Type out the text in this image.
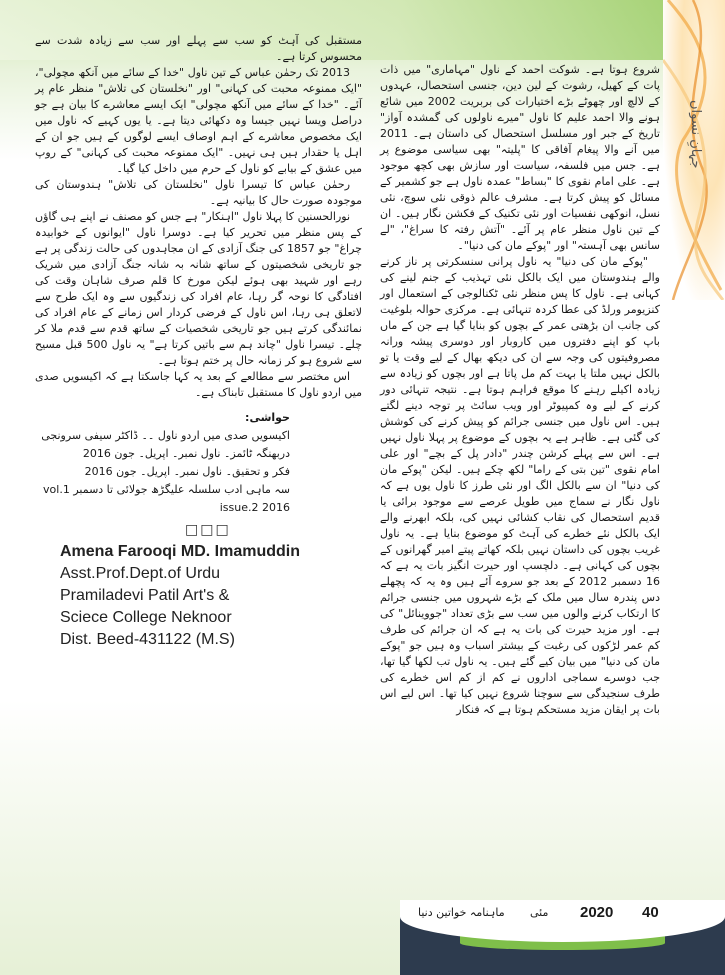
جہانِ نسواں

شروع ہوتا ہے۔ شوکت احمد کے ناول "مہاماری" میں ذات پات کے کھیل، رشوت کے لین دین، جنسی استحصال، عہدوں کے لالچ اور چھوٹے بڑے اختیارات کی بربریت 2002 میں شائع ہونے والا احمد علیم کا ناول "میرے ناولوں کی گمشدہ آواز" تاریخ کے جبر اور مسلسل استحصال کی داستان ہے۔ 2011 میں آنے والا پیغام آفاقی کا "پلیتہ" بھی سیاسی موضوع پر ہے۔ جس میں فلسفہ، سیاست اور سازش بھی کچھ موجود ہے۔ علی امام نقوی کا "بساط" عمدہ ناول ہے جو کشمیر کے مسائل کو پیش کرتا ہے۔ مشرف عالم ذوقی نئی سوچ، نئی نسل، انوکھی نفسیات اور نئی تکنیک کے فکشن نگار ہیں۔ ان کے تین ناول منظر عام پر آئے۔ "آتش رفتہ کا سراغ"، "لے سانس بھی آہستہ" اور "پوکے مان کی دنیا"۔

"پوکے مان کی دنیا" یہ ناول پرانی سنسکرتی پر ناز کرنے والے ہندوستان میں ایک بالکل نئی تہذیب کے جنم لینے کی کہانی ہے۔ ناول کا پس منظر نئی ٹکنالوجی کے استعمال اور کنزیومر ورلڈ کی عطا کردہ تنہائی ہے۔ مرکزی حوالہ بلوغیت کی جانب ان بڑھتی عمر کے بچوں کو بنایا گیا ہے جن کے ماں باپ کو اپنے دفتروں میں کاروبار اور دوسری پیشہ ورانہ مصروفیتوں کی وجہ سے ان کی دیکھ بھال کے لیے وقت یا تو بالکل نہیں ملتا یا بہت کم مل پاتا ہے اور بچوں کو زیادہ سے زیادہ اکیلے رہنے کا موقع فراہم ہوتا ہے۔ نتیجہ تنہائی دور کرنے کے لیے وہ کمپیوٹر اور ویب سائٹ پر توجہ دینے لگتے ہیں۔ اس ناول میں جنسی جرائم کو پیش کرنے کی کوشش کی گئی ہے۔ ظاہر ہے یہ بچوں کے موضوع پر پہلا ناول نہیں ہے۔ اس سے پہلے کرشن چندر "دادر پل کے بچے" اور علی امام نقوی "تین بتی کے راما" لکھ چکے ہیں۔ لیکن "پوکے مان کی دنیا" ان سے بالکل الگ اور نئی طرز کا ناول یوں ہے کہ ناول نگار نے سماج میں طویل عرصے سے موجود برائی یا قدیم استحصال کی نقاب کشائی نہیں کی، بلکہ ابھرنے والے ایک بالکل نئے خطرے کی آہٹ کو موضوع بنایا ہے۔ یہ ناول غریب بچوں کی داستان نہیں بلکہ کھاتے پیتے امیر گھرانوں کے بچوں کی کہانی ہے۔ دلچسپ اور حیرت انگیز بات یہ ہے کہ 16 دسمبر 2012 کے بعد جو سروے آئے ہیں وہ یہ کہ پچھلے دس پندرہ سال میں ملک کے بڑے شہروں میں جنسی جرائم کا ارتکاب کرنے والوں میں سب سے بڑی تعداد "جووینائل" کی ہے۔ اور مزید حیرت کی بات یہ ہے کہ ان جرائم کی طرف کم عمر لڑکوں کی رغبت کے بیشتر اسباب وہ ہیں جو "پوکے مان کی دنیا" میں بیان کیے گئے ہیں۔ یہ ناول تب لکھا گیا تھا، جب دوسرے سماجی اداروں نے کم از کم اس خطرے کی طرف سنجیدگی سے سوچنا شروع نہیں کیا تھا۔ اس لیے اس بات پر ایقان مزید مستحکم ہوتا ہے کہ فنکار

مستقبل کی آہٹ کو سب سے پہلے اور سب سے زیادہ شدت سے محسوس کرتا ہے۔

2013 تک رحمٰن عباس کے تین ناول "خدا کے سائے میں آنکھ مچولی"، "ایک ممنوعہ محبت کی کہانی" اور "نخلستان کی تلاش" منظر عام پر آئے۔ "خدا کے سائے میں آنکھ مچولی" ایک ایسے معاشرے کا بیان ہے جو دراصل ویسا نہیں جیسا وہ دکھائی دیتا ہے۔ یا یوں کہیے کہ ناول میں ایک مخصوص معاشرے کے اہم اوصاف ایسے لوگوں کے ہیں جو ان کے اہل یا حقدار ہیں ہی نہیں۔ "ایک ممنوعہ محبت کی کہانی" کے روپ میں عشق کے بیابے کو ناول کے حرم میں داخل کیا گیا۔

رحمٰن عباس کا تیسرا ناول "نخلستان کی تلاش" ہندوستان کی موجودہ صورت حال کا بیانیہ ہے۔

نورالحسنین کا پہلا ناول "اہنکار" ہے جس کو مصنف نے اپنے ہی گاؤں کے پس منظر میں تحریر کیا ہے۔ دوسرا ناول "ایوانوں کے خوابیدہ چراغ" جو 1857 کی جنگ آزادی کے ان مجاہدوں کی حالت زندگی پر ہے جو تاریخی شخصیتوں کے ساتھ شانہ بہ شانہ جنگ آزادی میں شریک رہے اور شہید بھی ہوئے لیکن مورخ کا قلم صرف شاہان وقت کی افتادگی کا نوحہ گر رہا، عام افراد کی زندگیوں سے وہ ایک طرح سے لاتعلق ہی رہا، اس ناول کے فرضی کردار اس زمانے کے عام افراد کی نمائندگی کرتے ہیں جو تاریخی شخصیات کے ساتھ قدم سے قدم ملا کر چلے۔ تیسرا ناول "چاند ہم سے باتیں کرتا ہے" یہ ناول 500 قبل مسیح سے شروع ہو کر زمانہ حال پر ختم ہوتا ہے۔

اس مختصر سے مطالعے کے بعد یہ کہا جاسکتا ہے کہ اکیسویں صدی میں اردو ناول کا مستقبل تابناک ہے۔

حواشی:
اکیسویں صدی میں اردو ناول ۔۔ ڈاکٹر سیفی سرونجی
دربھنگہ ٹائمز۔ ناول نمبر۔ اپریل۔ جون 2016
فکر و تحقیق۔ ناول نمبر۔ اپریل۔ جون 2016
سہ ماہی ادب سلسلہ علیگڑھ جولائی تا دسمبر vol.1 issue.2 2016
□□□
Amena Farooqi MD. Imamuddin
Asst.Prof.Dept.of Urdu
Pramiladevi Patil Art's &
Sciece College Neknoor
Dist. Beed-431122 (M.S)
ماہنامہ خواتین دنیا مئی 2020 40
